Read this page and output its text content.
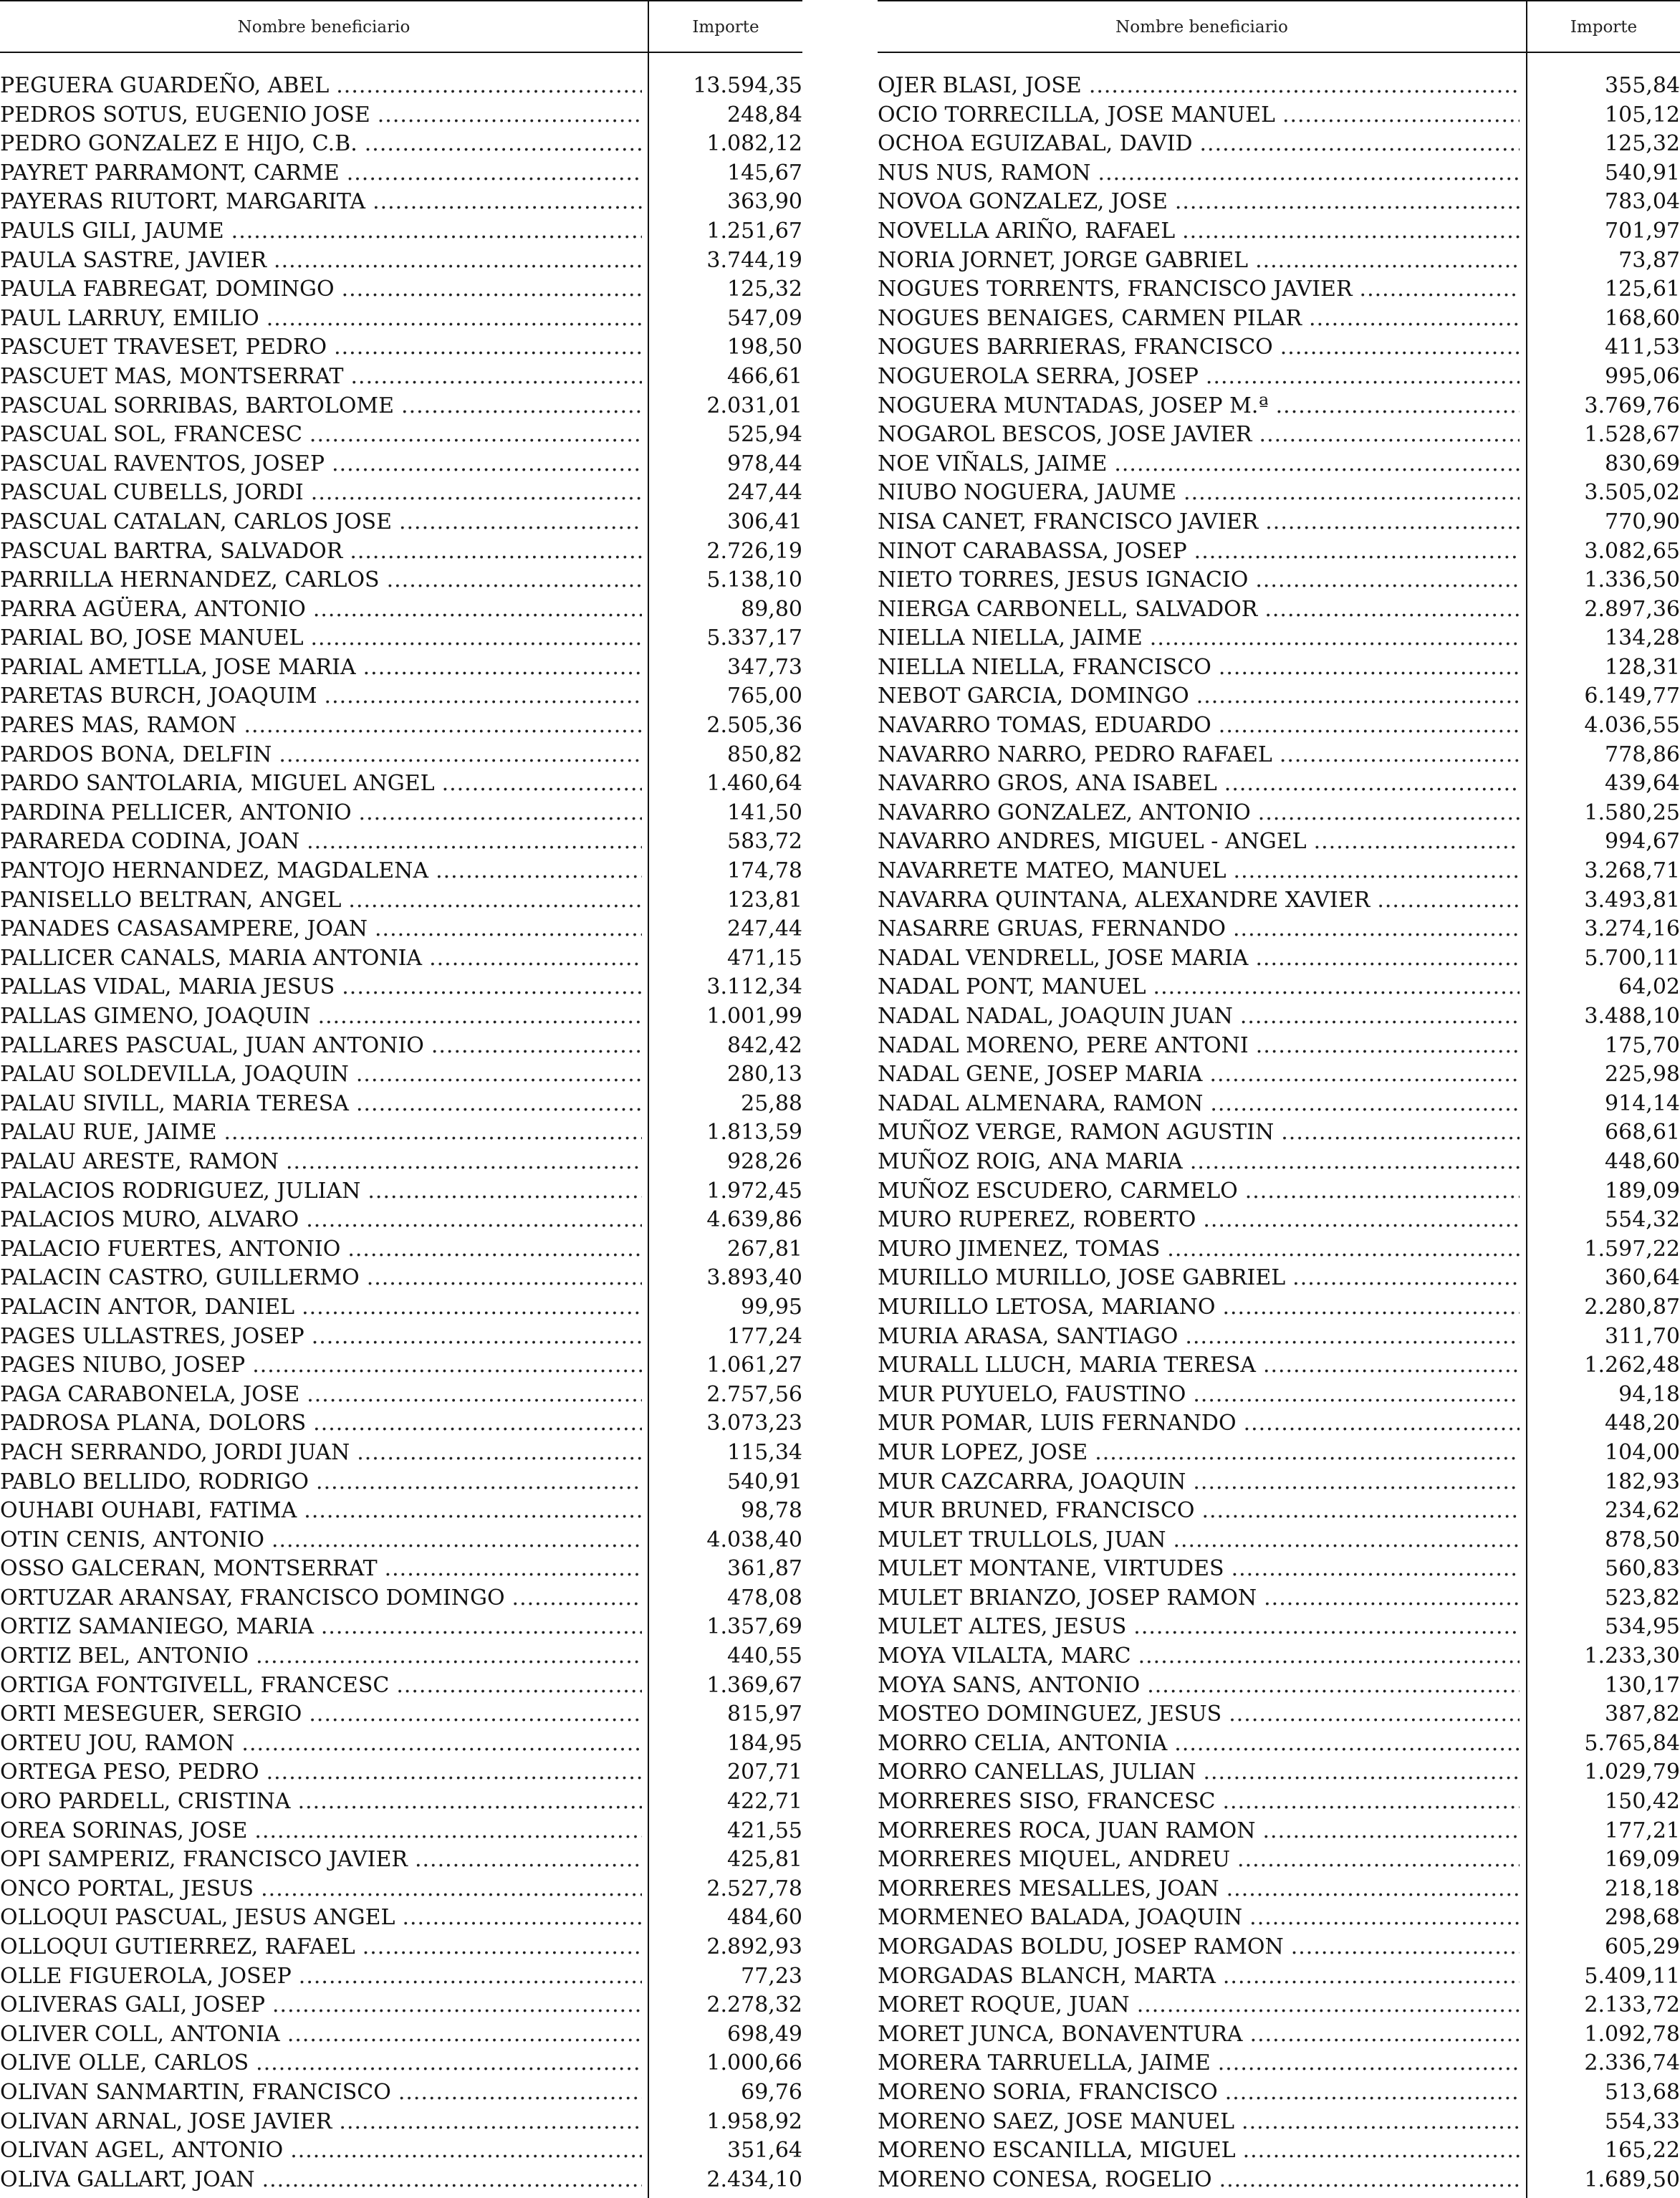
Nombre beneficiario	Importe
PEGUERA GUARDEÑO, ABEL .....	13.594,35
PEDROS SOTUS, EUGENIO JOSE .....	248,84
PEDRO GONZALEZ E HIJO, C.B. .....	1.082,12
PAYRET PARRAMONT, CARME .....	145,67
PAYERAS RIUTORT, MARGARITA .....	363,90
PAULS GILI, JAUME .....	1.251,67
PAULA SASTRE, JAVIER .....	3.744,19
PAULA FABREGAT, DOMINGO .....	125,32
PAUL LARRUY, EMILIO .....	547,09
PASCUET TRAVESET, PEDRO .....	198,50
PASCUET MAS, MONTSERRAT .....	466,61
PASCUAL SORRIBAS, BARTOLOME .....	2.031,01
PASCUAL SOL, FRANCESC .....	525,94
PASCUAL RAVENTOS, JOSEP .....	978,44
PASCUAL CUBELLS, JORDI .....	247,44
PASCUAL CATALAN, CARLOS JOSE .....	306,41
PASCUAL BARTRA, SALVADOR .....	2.726,19
PARRILLA HERNANDEZ, CARLOS .....	5.138,10
PARRA AGÜERA, ANTONIO .....	89,80
PARIAL BO, JOSE MANUEL .....	5.337,17
PARIAL AMETLLA, JOSE MARIA .....	347,73
PARETAS BURCH, JOAQUIM .....	765,00
PARES MAS, RAMON .....	2.505,36
PARDOS BONA, DELFIN .....	850,82
PARDO SANTOLARIA, MIGUEL ANGEL .....	1.460,64
PARDINA PELLICER, ANTONIO .....	141,50
PARAREDA CODINA, JOAN .....	583,72
PANTOJO HERNANDEZ, MAGDALENA .....	174,78
PANISELLO BELTRAN, ANGEL .....	123,81
PANADES CASASAMPERE, JOAN .....	247,44
PALLICER CANALS, MARIA ANTONIA .....	471,15
PALLAS VIDAL, MARIA JESUS .....	3.112,34
PALLAS GIMENO, JOAQUIN .....	1.001,99
PALLARES PASCUAL, JUAN ANTONIO .....	842,42
PALAU SOLDEVILLA, JOAQUIN .....	280,13
PALAU SIVILL, MARIA TERESA .....	25,88
PALAU RUE, JAIME .....	1.813,59
PALAU ARESTE, RAMON .....	928,26
PALACIOS RODRIGUEZ, JULIAN .....	1.972,45
PALACIOS MURO, ALVARO .....	4.639,86
PALACIO FUERTES, ANTONIO .....	267,81
PALACIN CASTRO, GUILLERMO .....	3.893,40
PALACIN ANTOR, DANIEL .....	99,95
PAGES ULLASTRES, JOSEP .....	177,24
PAGES NIUBO, JOSEP .....	1.061,27
PAGA CARABONELA, JOSE .....	2.757,56
PADROSA PLANA, DOLORS .....	3.073,23
PACH SERRANDO, JORDI JUAN .....	115,34
PABLO BELLIDO, RODRIGO .....	540,91
OUHABI OUHABI, FATIMA .....	98,78
OTIN CENIS, ANTONIO .....	4.038,40
OSSO GALCERAN, MONTSERRAT .....	361,87
ORTUZAR ARANSAY, FRANCISCO DOMINGO .....	478,08
ORTIZ SAMANIEGO, MARIA .....	1.357,69
ORTIZ BEL, ANTONIO .....	440,55
ORTIGA FONTGIVELL, FRANCESC .....	1.369,67
ORTI MESEGUER, SERGIO .....	815,97
ORTEU JOU, RAMON .....	184,95
ORTEGA PESO, PEDRO .....	207,71
ORO PARDELL, CRISTINA .....	422,71
OREA SORINAS, JOSE .....	421,55
OPI SAMPERIZ, FRANCISCO JAVIER .....	425,81
ONCO PORTAL, JESUS .....	2.527,78
OLLOQUI PASCUAL, JESUS ANGEL .....	484,60
OLLOQUI GUTIERREZ, RAFAEL .....	2.892,93
OLLE FIGUEROLA, JOSEP .....	77,23
OLIVERAS GALI, JOSEP .....	2.278,32
OLIVER COLL, ANTONIA .....	698,49
OLIVE OLLE, CARLOS .....	1.000,66
OLIVAN SANMARTIN, FRANCISCO .....	69,76
OLIVAN ARNAL, JOSE JAVIER .....	1.958,92
OLIVAN AGEL, ANTONIO .....	351,64
OLIVA GALLART, JOAN .....	2.434,10
Nombre beneficiario	Importe
OJER BLASI, JOSE .....	355,84
OCIO TORRECILLA, JOSE MANUEL .....	105,12
OCHOA EGUIZABAL, DAVID .....	125,32
NUS NUS, RAMON .....	540,91
NOVOA GONZALEZ, JOSE .....	783,04
NOVELLA ARIÑO, RAFAEL .....	701,97
NORIA JORNET, JORGE GABRIEL .....	73,87
NOGUES TORRENTS, FRANCISCO JAVIER .....	125,61
NOGUES BENAIGES, CARMEN PILAR .....	168,60
NOGUES BARRIERAS, FRANCISCO .....	411,53
NOGUEROLA SERRA, JOSEP .....	995,06
NOGUERA MUNTADAS, JOSEP M.ª .....	3.769,76
NOGAROL BESCOS, JOSE JAVIER .....	1.528,67
NOE VIÑALS, JAIME .....	830,69
NIUBO NOGUERA, JAUME .....	3.505,02
NISA CANET, FRANCISCO JAVIER .....	770,90
NINOT CARABASSA, JOSEP .....	3.082,65
NIETO TORRES, JESUS IGNACIO .....	1.336,50
NIERGA CARBONELL, SALVADOR .....	2.897,36
NIELLA NIELLA, JAIME .....	134,28
NIELLA NIELLA, FRANCISCO .....	128,31
NEBOT GARCIA, DOMINGO .....	6.149,77
NAVARRO TOMAS, EDUARDO .....	4.036,55
NAVARRO NARRO, PEDRO RAFAEL .....	778,86
NAVARRO GROS, ANA ISABEL .....	439,64
NAVARRO GONZALEZ, ANTONIO .....	1.580,25
NAVARRO ANDRES, MIGUEL - ANGEL .....	994,67
NAVARRETE MATEO, MANUEL .....	3.268,71
NAVARRA QUINTANA, ALEXANDRE XAVIER .....	3.493,81
NASARRE GRUAS, FERNANDO .....	3.274,16
NADAL VENDRELL, JOSE MARIA .....	5.700,11
NADAL PONT, MANUEL .....	64,02
NADAL NADAL, JOAQUIN JUAN .....	3.488,10
NADAL MORENO, PERE ANTONI .....	175,70
NADAL GENE, JOSEP MARIA .....	225,98
NADAL ALMENARA, RAMON .....	914,14
MUÑOZ VERGE, RAMON AGUSTIN .....	668,61
MUÑOZ ROIG, ANA MARIA .....	448,60
MUÑOZ ESCUDERO, CARMELO .....	189,09
MURO RUPEREZ, ROBERTO .....	554,32
MURO JIMENEZ, TOMAS .....	1.597,22
MURILLO MURILLO, JOSE GABRIEL .....	360,64
MURILLO LETOSA, MARIANO .....	2.280,87
MURIA ARASA, SANTIAGO .....	311,70
MURALL LLUCH, MARIA TERESA .....	1.262,48
MUR PUYUELO, FAUSTINO .....	94,18
MUR POMAR, LUIS FERNANDO .....	448,20
MUR LOPEZ, JOSE .....	104,00
MUR CAZCARRA, JOAQUIN .....	182,93
MUR BRUNED, FRANCISCO .....	234,62
MULET TRULLOLS, JUAN .....	878,50
MULET MONTANE, VIRTUDES .....	560,83
MULET BRIANZO, JOSEP RAMON .....	523,82
MULET ALTES, JESUS .....	534,95
MOYA VILALTA, MARC .....	1.233,30
MOYA SANS, ANTONIO .....	130,17
MOSTEO DOMINGUEZ, JESUS .....	387,82
MORRO CELIA, ANTONIA .....	5.765,84
MORRO CANELLAS, JULIAN .....	1.029,79
MORRERES SISO, FRANCESC .....	150,42
MORRERES ROCA, JUAN RAMON .....	177,21
MORRERES MIQUEL, ANDREU .....	169,09
MORRERES MESALLES, JOAN .....	218,18
MORMENEO BALADA, JOAQUIN .....	298,68
MORGADAS BOLDU, JOSEP RAMON .....	605,29
MORGADAS BLANCH, MARTA .....	5.409,11
MORET ROQUE, JUAN .....	2.133,72
MORET JUNCA, BONAVENTURA .....	1.092,78
MORERA TARRUELLA, JAIME .....	2.336,74
MORENO SORIA, FRANCISCO .....	513,68
MORENO SAEZ, JOSE MANUEL .....	554,33
MORENO ESCANILLA, MIGUEL .....	165,22
MORENO CONESA, ROGELIO .....	1.689,50
